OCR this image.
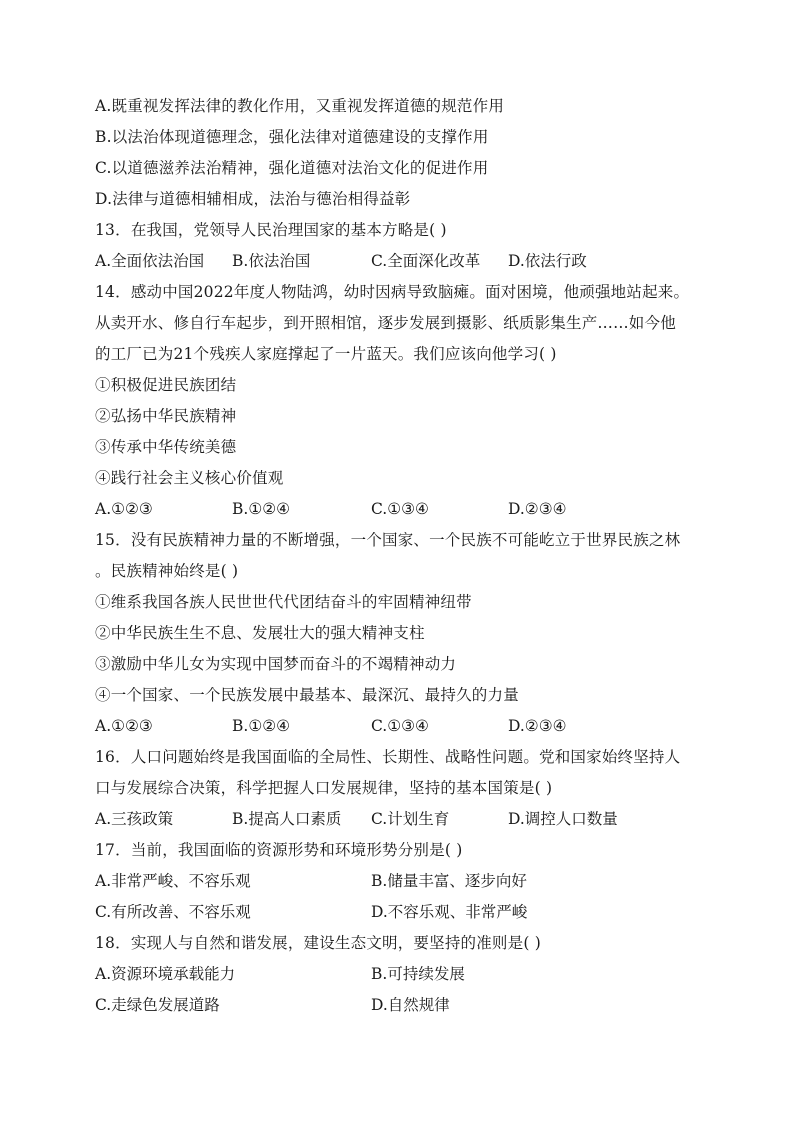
A.既重视发挥法律的教化作用，又重视发挥道德的规范作用
B.以法治体现道德理念，强化法律对道德建设的支撑作用
C.以道德滋养法治精神，强化道德对法治文化的促进作用
D.法律与道德相辅相成，法治与德治相得益彰
13．在我国，党领导人民治理国家的基本方略是( )
A.全面依法治国	B.依法治国	C.全面深化改革	D.依法行政
14．感动中国2022年度人物陆鸿，幼时因病导致脑瘫。面对困境，他顽强地站起来。
从卖开水、修自行车起步，到开照相馆，逐步发展到摄影、纸质影集生产……如今他
的工厂已为21个残疾人家庭撑起了一片蓝天。我们应该向他学习( )
①积极促进民族团结
②弘扬中华民族精神
③传承中华传统美德
④践行社会主义核心价值观
A.①②③	B.①②④	C.①③④	D.②③④
15．没有民族精神力量的不断增强，一个国家、一个民族不可能屹立于世界民族之林
。民族精神始终是( )
①维系我国各族人民世世代代团结奋斗的牢固精神纽带
②中华民族生生不息、发展壮大的强大精神支柱
③激励中华儿女为实现中国梦而奋斗的不竭精神动力
④一个国家、一个民族发展中最基本、最深沉、最持久的力量
A.①②③	B.①②④	C.①③④	D.②③④
16．人口问题始终是我国面临的全局性、长期性、战略性问题。党和国家始终坚持人
口与发展综合决策，科学把握人口发展规律，坚持的基本国策是( )
A.三孩政策	B.提高人口素质	C.计划生育	D.调控人口数量
17．当前，我国面临的资源形势和环境形势分别是( )
A.非常严峻、不容乐观	B.储量丰富、逐步向好
C.有所改善、不容乐观	D.不容乐观、非常严峻
18．实现人与自然和谐发展，建设生态文明，要坚持的准则是( )
A.资源环境承载能力	B.可持续发展
C.走绿色发展道路	D.自然规律
